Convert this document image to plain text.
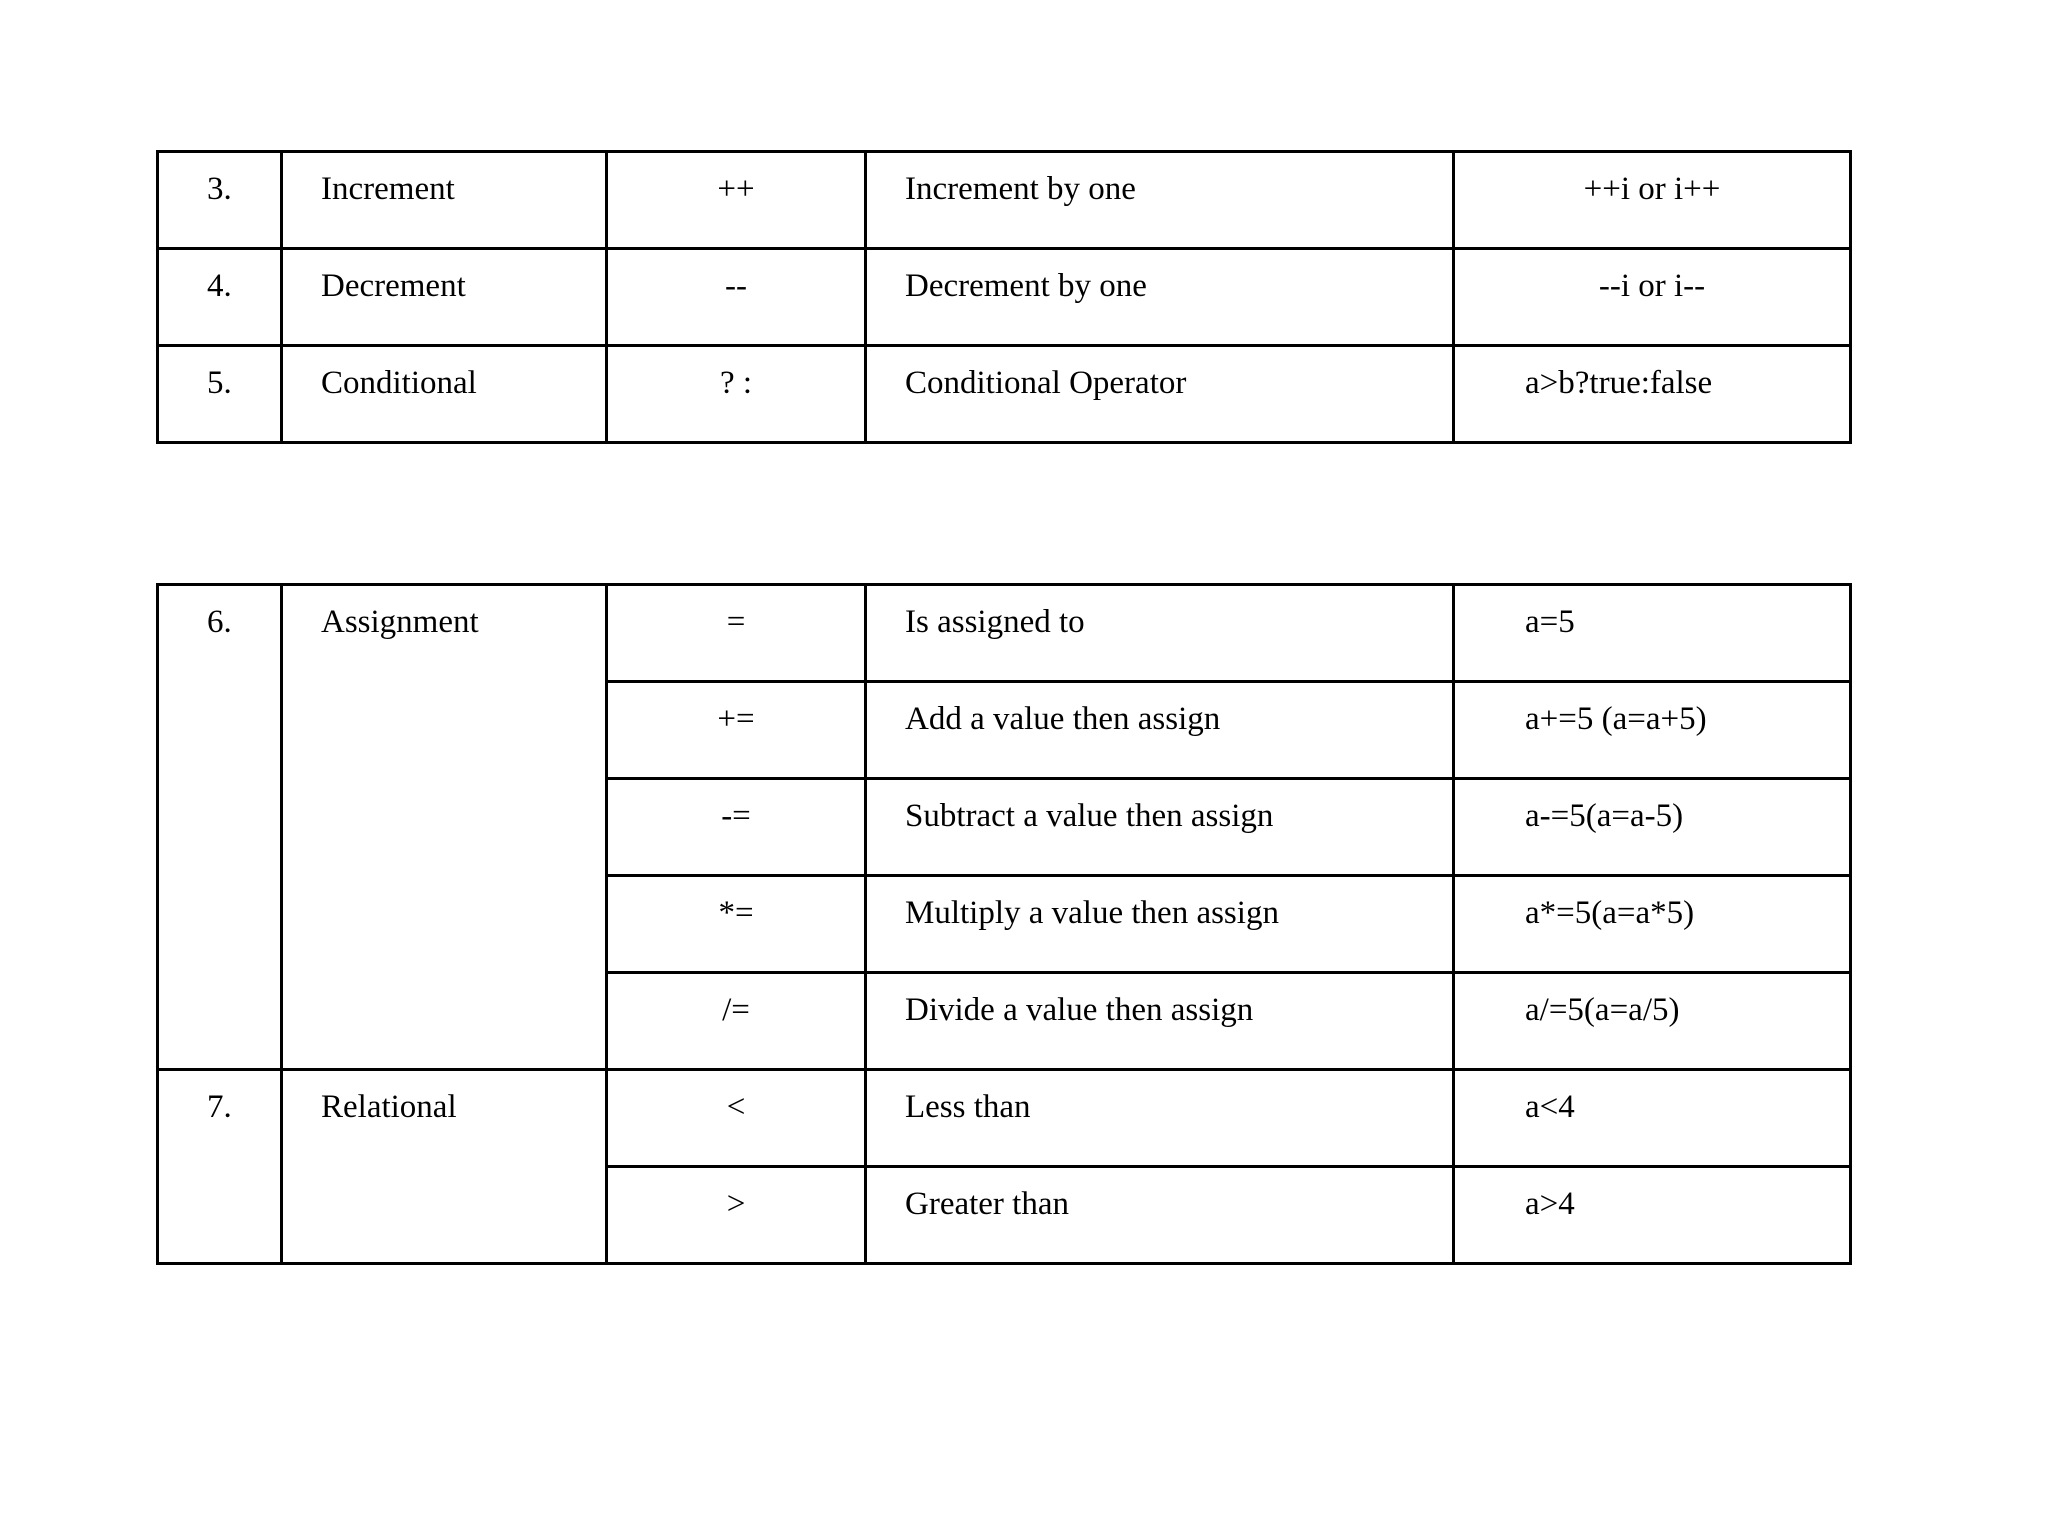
3.	Increment	++	Increment by one	++i or i++
4.	Decrement	--	Decrement by one	--i or i--
5.	Conditional	? :	Conditional Operator	a>b?true:false
6.	Assignment	=	Is assigned to	a=5
		+=	Add a value then assign	a+=5 (a=a+5)
		-=	Subtract a value then assign	a-=5(a=a-5)
		*=	Multiply a value then assign	a*=5(a=a*5)
		/=	Divide a value then assign	a/=5(a=a/5)
7.	Relational	<	Less than	a<4
		>	Greater than	a>4
